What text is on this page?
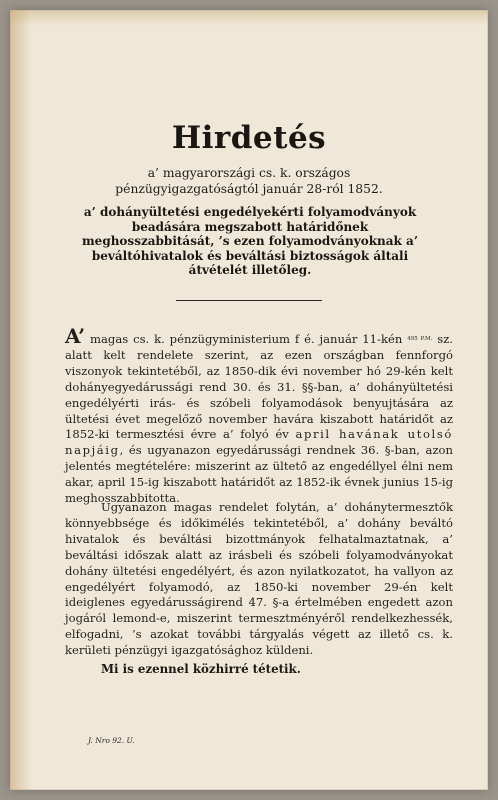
Hirdetés
a’ magyarországi cs. k. országos pénzügyigazgatóságtól január 28-ról 1852.
a’ dohányültetési engedélyekérti folyamodványok beadására megszabott határidőnek meghosszabbitását, ’s ezen folyamodványoknak a’ beváltóhivatalok és beváltási biztosságok általi átvételét illetőleg.
A’ magas cs. k. pénzügyministerium f é. január 11-kén $^{495 P.M.}$ sz. alatt kelt rendelete szerint, az ezen országban fennforgó viszonyok tekintetéből, az 1850-dik évi november hó 29-kén kelt dohányegyedárussági rend 30. és 31. §§-ban, a’ dohányültetési engedélyérti irás- és szóbeli folyamodások benyujtására az ültetési évet megelőző november havára kiszabott határidőt az 1852-ki termesztési évre a’ folyó év april havának utolsó napjáig, és ugyanazon egyedárussági rendnek 36. §-ban, azon jelentés megtételére: miszerint az ültető az engedéllyel élni nem akar, april 15-ig kiszabott határidőt az 1852-ik évnek junius 15-ig meghosszabbitotta.
Ugyanazon magas rendelet folytán, a’ dohánytermesztők könnyebbsége és időkimélés tekintetéből, a’ dohány beváltó hivatalok és beváltási bizottmányok felhatalmaztatnak, a’ beváltási időszak alatt az irásbeli és szóbeli folyamodványokat dohány ültetési engedélyért, és azon nyilatkozatot, ha vallyon az engedélyért folyamodó, az 1850-ki november 29-én kelt ideiglenes egyedárusságirend 47. §-a értelmében engedett azon jogáról lemond-e, miszerint termesztményéről rendelkezhessék, elfogadni, ’s azokat további tárgyalás végett az illető cs. k. kerületi pénzügyi igazgatósághoz küldeni.
Mi is ezennel közhirré tétetik.
J. Nro 92. U.
